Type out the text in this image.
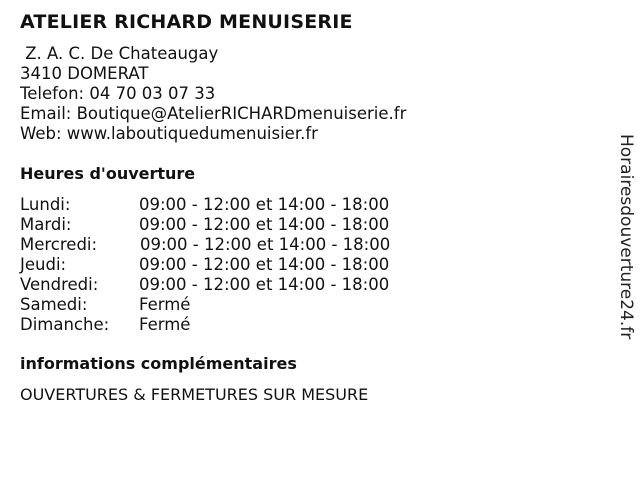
ATELIER RICHARD MENUISERIE
Z. A. C. De Chateaugay
3410 DOMERAT
Telefon: 04 70 03 07 33
Email: Boutique@AtelierRICHARDmenuiserie.fr
Web: www.laboutiquedumenuisier.fr
Heures d'ouverture
Lundi:	09:00 - 12:00 et 14:00 - 18:00
Mardi:	09:00 - 12:00 et 14:00 - 18:00
Mercredi:	09:00 - 12:00 et 14:00 - 18:00
Jeudi:	09:00 - 12:00 et 14:00 - 18:00
Vendredi: 09:00 - 12:00 et 14:00 - 18:00
Samedi:	Fermé
Dimanche: Fermé
informations complémentaires
OUVERTURES & FERMETURES SUR MESURE
Horairesdouverture24.fr
